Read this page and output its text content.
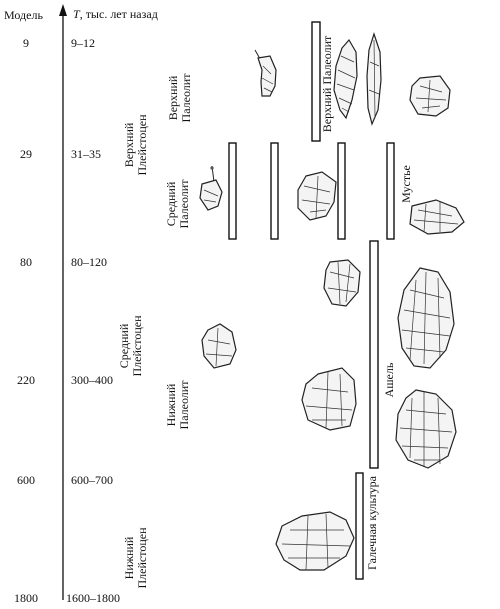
Модель	T, тыс. лет назад
9	9–12
29	31–35
80	80–120
220	300–400
600	600–700
1800 1600–1800
Верхний Плейстоцен
Средний Плейстоцен
Нижний Плейстоцен
Верхний Палеолит
Средний Палеолит
Нижний Палеолит
Верхний Палеолит
Мустье
Ашель
Галечная культура
